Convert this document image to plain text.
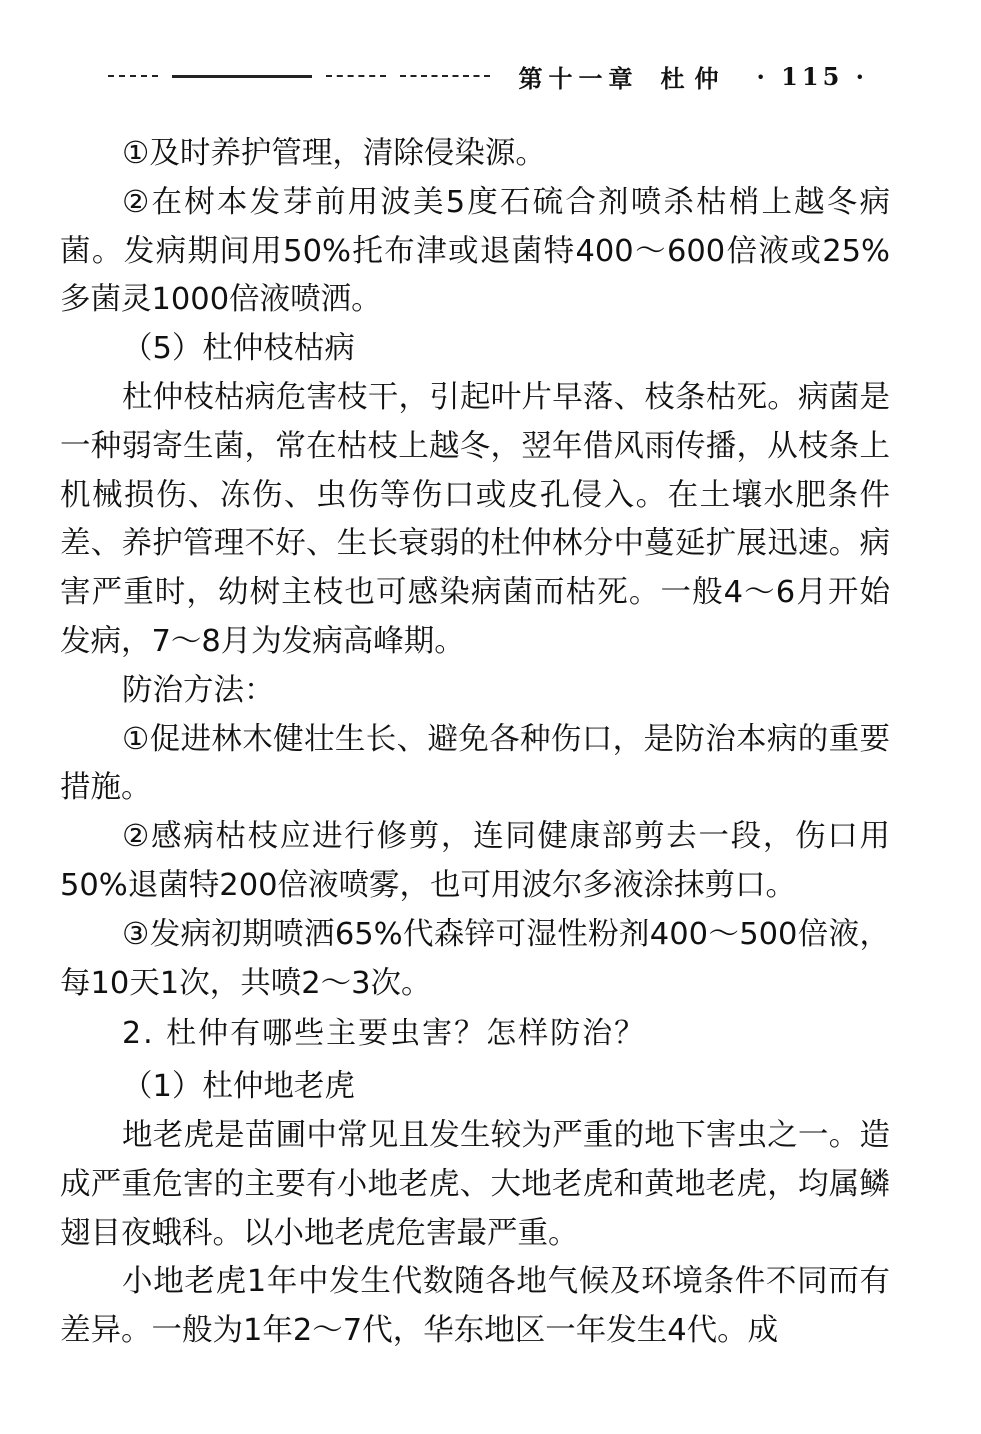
第十一章 杜仲 · 115 ·

①及时养护管理，清除侵染源。

②在树本发芽前用波美5度石硫合剂喷杀枯梢上越冬病菌。发病期间用50%托布津或退菌特400～600倍液或25%多菌灵1000倍液喷洒。

（5）杜仲枝枯病

杜仲枝枯病危害枝干，引起叶片早落、枝条枯死。病菌是一种弱寄生菌，常在枯枝上越冬，翌年借风雨传播，从枝条上机械损伤、冻伤、虫伤等伤口或皮孔侵入。在土壤水肥条件差、养护管理不好、生长衰弱的杜仲林分中蔓延扩展迅速。病害严重时，幼树主枝也可感染病菌而枯死。一般4～6月开始发病，7～8月为发病高峰期。

防治方法：

①促进林木健壮生长、避免各种伤口，是防治本病的重要措施。

②感病枯枝应进行修剪，连同健康部剪去一段，伤口用50%退菌特200倍液喷雾，也可用波尔多液涂抹剪口。

③发病初期喷洒65%代森锌可湿性粉剂400～500倍液，每10天1次，共喷2～3次。

2. 杜仲有哪些主要虫害？怎样防治？

（1）杜仲地老虎

地老虎是苗圃中常见且发生较为严重的地下害虫之一。造成严重危害的主要有小地老虎、大地老虎和黄地老虎，均属鳞翅目夜蛾科。以小地老虎危害最严重。

小地老虎1年中发生代数随各地气候及环境条件不同而有差异。一般为1年2～7代，华东地区一年发生4代。成
